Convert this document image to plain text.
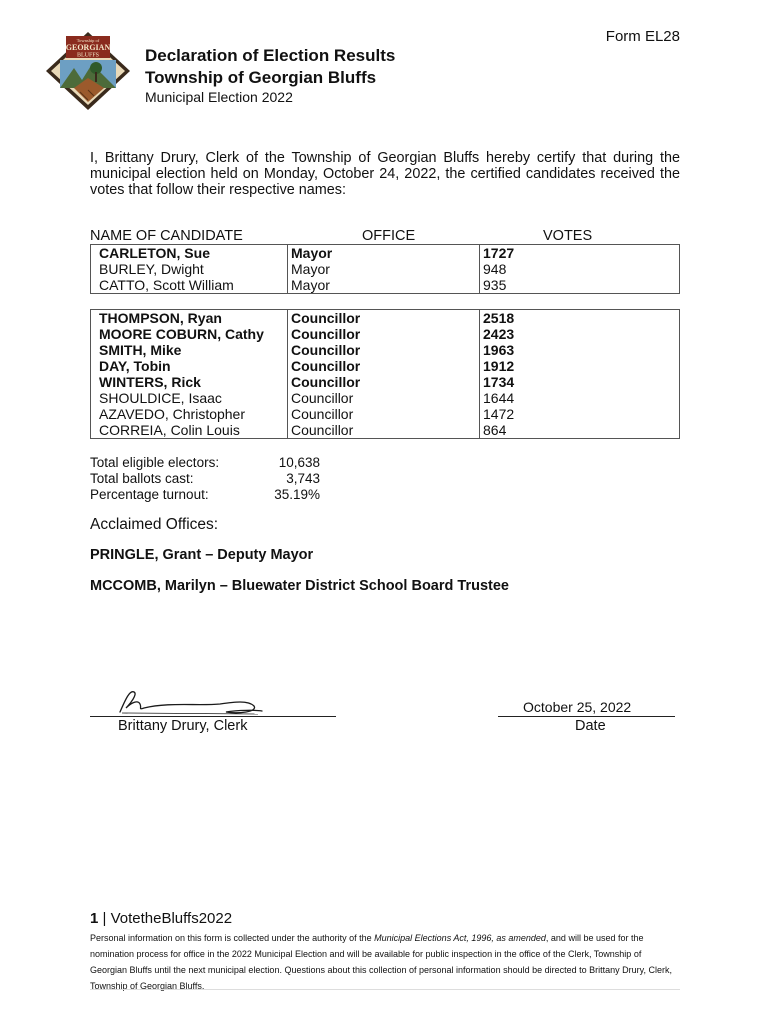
Form EL28
Township of
GEORGIAN
BLUFFS	Declaration of Election Results
Township of Georgian Bluffs
Municipal Election 2022
I, Brittany Drury, Clerk of the Township of Georgian Bluffs hereby certify that during the municipal election held on Monday, October 24, 2022, the certified candidates received the votes that follow their respective names:
NAME OF CANDIDATE	OFFICE	VOTES
CARLETON, Sue	Mayor	1727
BURLEY, Dwight	Mayor	948
CATTO, Scott William	Mayor	935
THOMPSON, Ryan	Councillor	2518
MOORE COBURN, Cathy	Councillor	2423
SMITH, Mike	Councillor	1963
DAY, Tobin	Councillor	1912
WINTERS, Rick	Councillor	1734
SHOULDICE, Isaac	Councillor	1644
AZAVEDO, Christopher	Councillor	1472
CORREIA, Colin Louis	Councillor	864
Total eligible electors:	10,638
Total ballots cast:	3,743
Percentage turnout:	35.19%
Acclaimed Offices:
PRINGLE, Grant – Deputy Mayor
MCCOMB, Marilyn – Bluewater District School Board Trustee
Brittany Drury, Clerk
October 25, 2022
Date
1 | VotetheBluffs2022
Personal information on this form is collected under the authority of the Municipal Elections Act, 1996, as amended, and will be used for the nomination process for office in the 2022 Municipal Election and will be available for public inspection in the office of the Clerk, Township of Georgian Bluffs until the next municipal election. Questions about this collection of personal information should be directed to Brittany Drury, Clerk, Township of Georgian Bluffs.
